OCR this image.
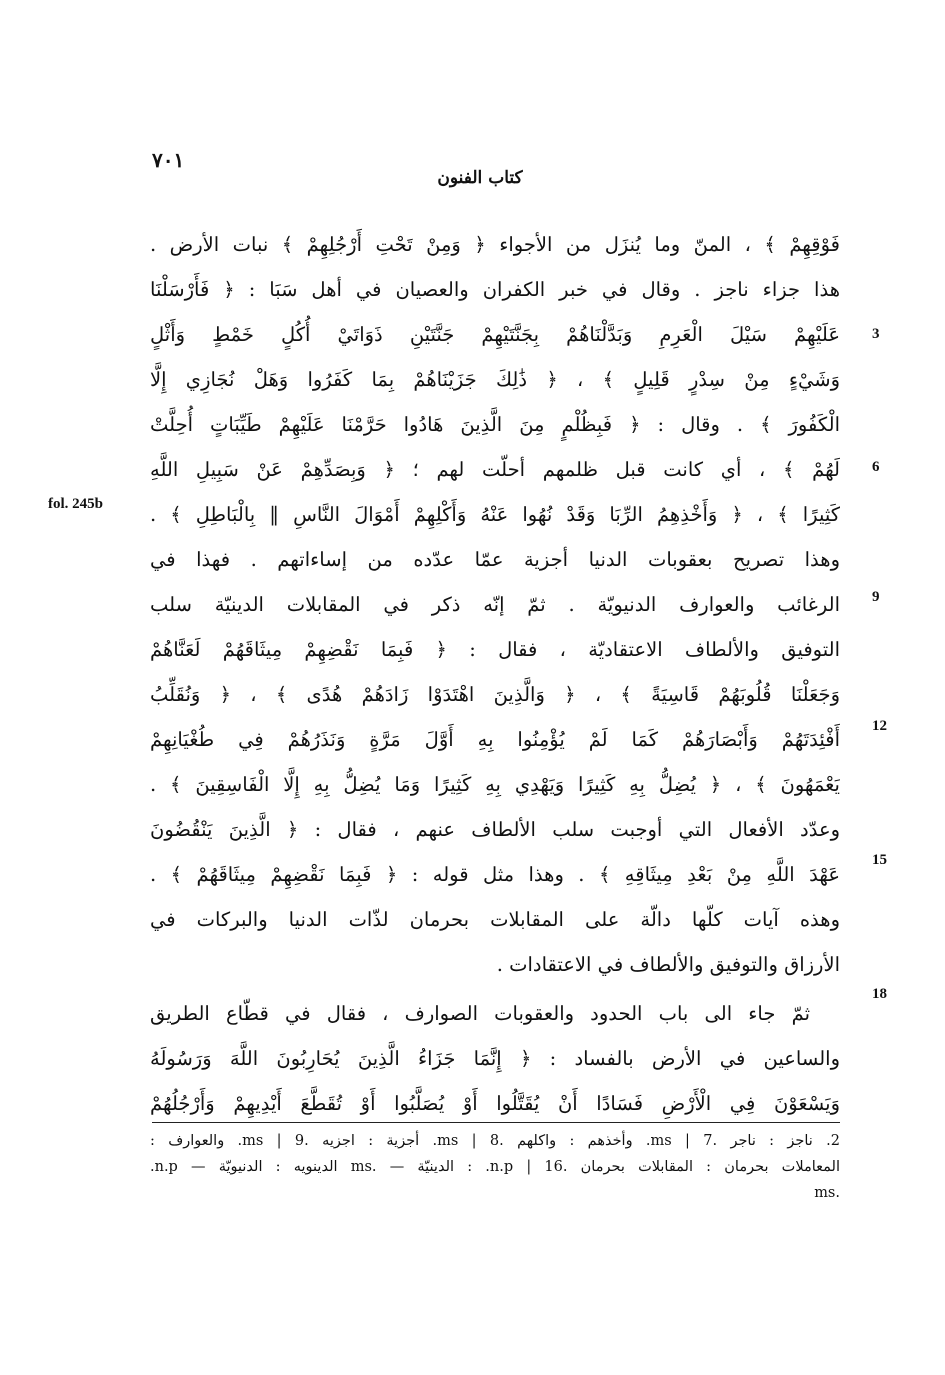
٧٠١
كتاب الفنون
fol. 245b
3
6
9
12
15
18
فَوْقِهِمْ ﴾ ، المنّ وما يُنزَل من الأجواء ﴿ وَمِنْ تَحْتِ أَرْجُلِهِمْ ﴾ نبات الأرض .
هذا جزاء ناجز . وقال في خبر الكفران والعصيان في أهل سَبَا : ﴿ فَأَرْسَلْنَا
عَلَيْهِمْ سَيْلَ الْعَرِمِ وَبَدَّلْنَاهُمْ بِجَنَّتَيْهِمْ جَنَّتَيْنِ ذَوَاتَيْ أُكُلٍ خَمْطٍ وَأَثْلٍ
وَشَيْءٍ مِنْ سِدْرٍ قَلِيلٍ ﴾ ، ﴿ ذَٰلِكَ جَزَيْنَاهُمْ بِمَا كَفَرُوا وَهَلْ نُجَازِي إِلَّا
الْكَفُورَ ﴾ . وقال : ﴿ فَبِظُلْمٍ مِنَ الَّذِينَ هَادُوا حَرَّمْنَا عَلَيْهِمْ طَيِّبَاتٍ أُحِلَّتْ
لَهُمْ ﴾ ، أي كانت قبل ظلمهم أحلّت لهم ؛ ﴿ وَبِصَدِّهِمْ عَنْ سَبِيلِ اللَّهِ
كَثِيرًا ﴾ ، ﴿ وَأَخْذِهِمُ الرِّبَا وَقَدْ نُهُوا عَنْهُ وَأَكْلِهِمْ أَمْوَالَ النَّاسِ ‖ بِالْبَاطِلِ ﴾ .
وهذا تصريح بعقوبات الدنيا أجزية عمّا عدّده من إساءاتهم . فهذا في
الرغائب والعوارف الدنيويّة . ثمّ إنّه ذكر في المقابلات الدينيّة سلب
التوفيق والألطاف الاعتقاديّة ، فقال : ﴿ فَبِمَا نَقْضِهِمْ مِيثَاقَهُمْ لَعَنَّاهُمْ
وَجَعَلْنَا قُلُوبَهُمْ قَاسِيَةً ﴾ ، ﴿ وَالَّذِينَ اهْتَدَوْا زَادَهُمْ هُدًى ﴾ ، ﴿ وَنُقَلِّبُ
أَفْئِدَتَهُمْ وَأَبْصَارَهُمْ كَمَا لَمْ يُؤْمِنُوا بِهِ أَوَّلَ مَرَّةٍ وَنَذَرُهُمْ فِي طُغْيَانِهِمْ
يَعْمَهُونَ ﴾ ، ﴿ يُضِلُّ بِهِ كَثِيرًا وَيَهْدِي بِهِ كَثِيرًا وَمَا يُضِلُّ بِهِ إِلَّا الْفَاسِقِينَ ﴾ .
وعدّد الأفعال التي أوجبت سلب الألطاف عنهم ، فقال : ﴿ الَّذِينَ يَنْقُضُونَ
عَهْدَ اللَّهِ مِنْ بَعْدِ مِيثَاقِهِ ﴾ . وهذا مثل قوله : ﴿ فَبِمَا نَقْضِهِمْ مِيثَاقَهُمْ ﴾ .
وهذه آيات كلّها دالّة على المقابلات بحرمان لذّات الدنيا والبركات في
الأرزاق والتوفيق والألطاف في الاعتقادات .
ثمّ جاء الى باب الحدود والعقوبات الصوارف ، فقال في قطّاع الطريق
والساعين في الأرض بالفساد : ﴿ إِنَّمَا جَزَاءُ الَّذِينَ يُحَارِبُونَ اللَّهَ وَرَسُولَهُ
وَيَسْعَوْنَ فِي الْأَرْضِ فَسَادًا أَنْ يُقَتَّلُوا أَوْ يُصَلَّبُوا أَوْ تُقَطَّعَ أَيْدِيهِمْ وَأَرْجُلُهُمْ
2. ناجز : ناجر .ms | 7. وأخذهم : واكلهم .ms | 8. أجزية : اجزيه .ms | 9. والعوارف :
المعاملات بحرمان : المقابلات بحرمان .16 | n.p. : الدينيّة — .ms الدينويه : الدنيويّة — n.p.
ms.
